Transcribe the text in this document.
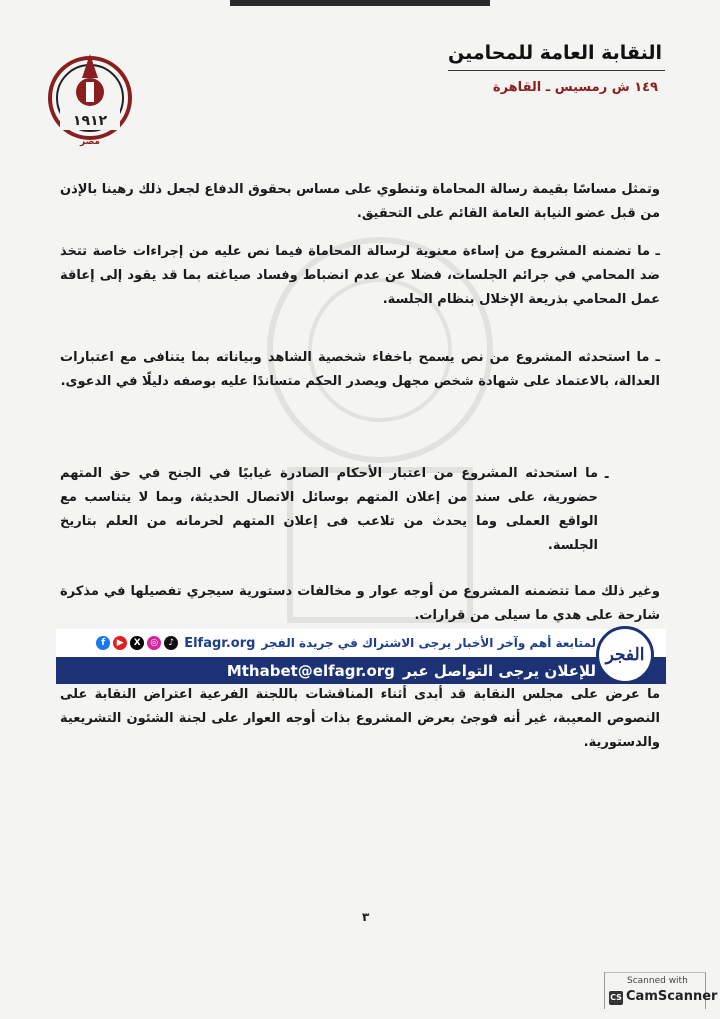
١٩١٢
مصر
النقابة العامة للمحامين
١٤٩ ش رمسيس ـ القاهرة
وتمثل مساسًا بقيمة رسالة المحاماة وتنطوي على مساس بحقوق الدفاع لجعل ذلك رهينا بالإذن من قبل عضو النيابة العامة القائم على التحقيق.
ـ ما تضمنه المشروع من إساءة معنوية لرسالة المحاماة فيما نص عليه من إجراءات خاصة تتخذ ضد المحامي في جرائم الجلسات، فضلا عن عدم انضباط وفساد صياغته بما قد يقود إلى إعاقة عمل المحامي بذريعة الإخلال بنظام الجلسة.
ـ ما استحدثه المشروع من نص يسمح باخفاء شخصية الشاهد وبياناته بما يتنافى مع اعتبارات العدالة، بالاعتماد على شهادة شخص مجهل ويصدر الحكم متساندًا عليه بوصفه دليلًا في الدعوى.
-
ما استحدثه المشروع من اعتبار الأحكام الصادرة غيابيًا في الجنح في حق المتهم حضورية، على سند من إعلان المتهم بوسائل الاتصال الحديثة، وبما لا يتناسب مع الواقع العملى وما يحدث من تلاعب فى إعلان المتهم لحرمانه من العلم بتاريخ الجلسة.
وغير ذلك مما تتضمنه المشروع من أوجه عوار و مخالفات دستورية سيجري تفصيلها في مذكرة شارحة على هدي ما سيلى من قرارات.
ما عرض على مجلس النقابة قد أبدى أثناء المناقشات باللجنة الفرعية اعتراض النقابة على النصوص المعيبة، غير أنه فوجئ بعرض المشروع بذات أوجه العوار على لجنة الشئون التشريعية والدستورية.
لمتابعة أهم وآخر الأخبار يرجى الاشتراك في جريدة الفجر
Elfagr.org
f	▶	X	◎	♪
للإعلان يرجى التواصل عبر
Mthabet@elfagr.org
الفجر
٣
Scanned with
CS CamScanner
